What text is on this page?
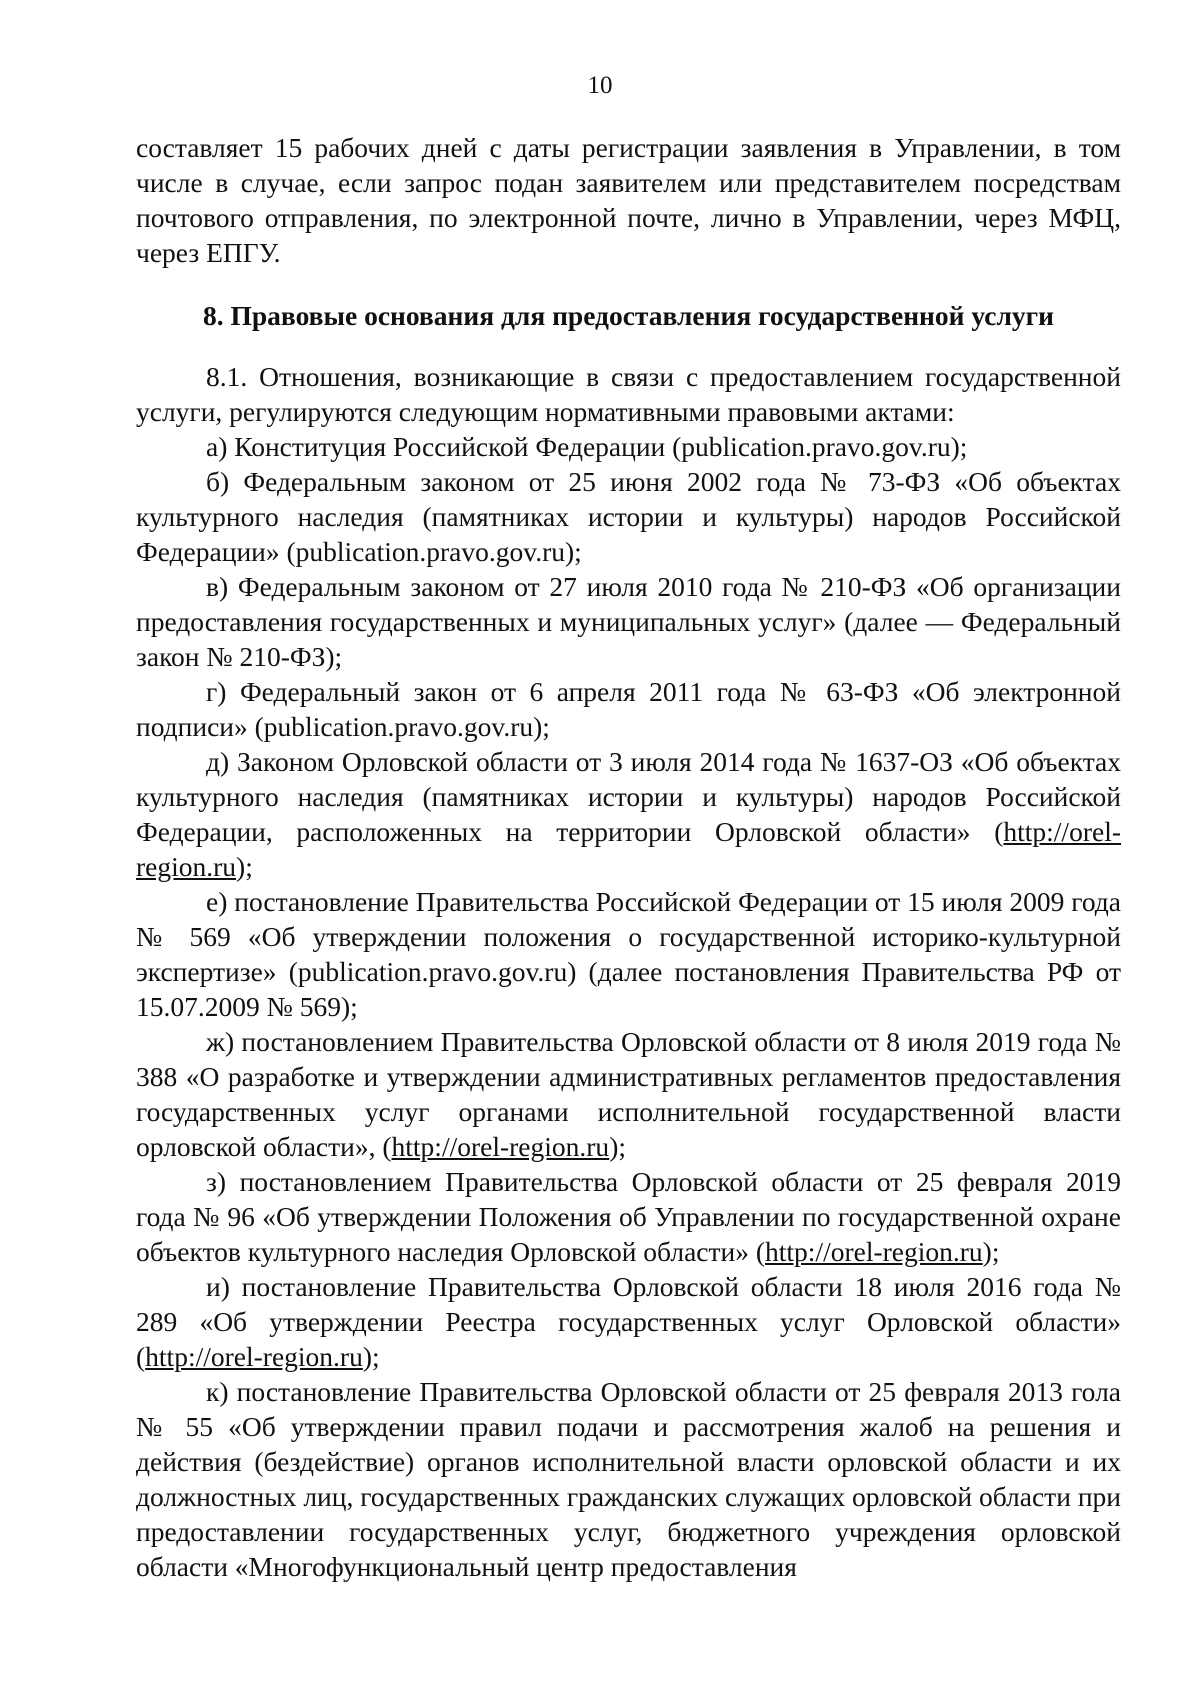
10

составляет 15 рабочих дней с даты регистрации заявления в Управлении, в том числе в случае, если запрос подан заявителем или представителем посредствам почтового отправления, по электронной почте, лично в Управлении, через МФЦ, через ЕПГУ.

8. Правовые основания для предоставления государственной услуги

8.1. Отношения, возникающие в связи с предоставлением государственной услуги, регулируются следующим нормативными правовыми актами:

а) Конституция Российской Федерации (publication.pravo.gov.ru);

б) Федеральным законом от 25 июня 2002 года № 73-ФЗ «Об объектах культурного наследия (памятниках истории и культуры) народов Российской Федерации» (publication.pravo.gov.ru);

в) Федеральным законом от 27 июля 2010 года № 210-ФЗ «Об организации предоставления государственных и муниципальных услуг» (далее — Федеральный закон № 210-ФЗ);

г) Федеральный закон от 6 апреля 2011 года № 63-ФЗ «Об электронной подписи» (publication.pravo.gov.ru);

д) Законом Орловской области от 3 июля 2014 года № 1637-ОЗ «Об объектах культурного наследия (памятниках истории и культуры) народов Российской Федерации, расположенных на территории Орловской области» (http://orel-region.ru);

е) постановление Правительства Российской Федерации от 15 июля 2009 года № 569 «Об утверждении положения о государственной историко-культурной экспертизе» (publication.pravo.gov.ru) (далее постановления Правительства РФ от 15.07.2009 № 569);

ж) постановлением Правительства Орловской области от 8 июля 2019 года № 388 «О разработке и утверждении административных регламентов предоставления государственных услуг органами исполнительной государственной власти орловской области», (http://orel-region.ru);

з) постановлением Правительства Орловской области от 25 февраля 2019 года № 96 «Об утверждении Положения об Управлении по государственной охране объектов культурного наследия Орловской области» (http://orel-region.ru);

и) постановление Правительства Орловской области 18 июля 2016 года № 289 «Об утверждении Реестра государственных услуг Орловской области» (http://orel-region.ru);

к) постановление Правительства Орловской области от 25 февраля 2013 гола № 55 «Об утверждении правил подачи и рассмотрения жалоб на решения и действия (бездействие) органов исполнительной власти орловской области и их должностных лиц, государственных гражданских служащих орловской области при предоставлении государственных услуг, бюджетного учреждения орловской области «Многофункциональный центр предоставления
